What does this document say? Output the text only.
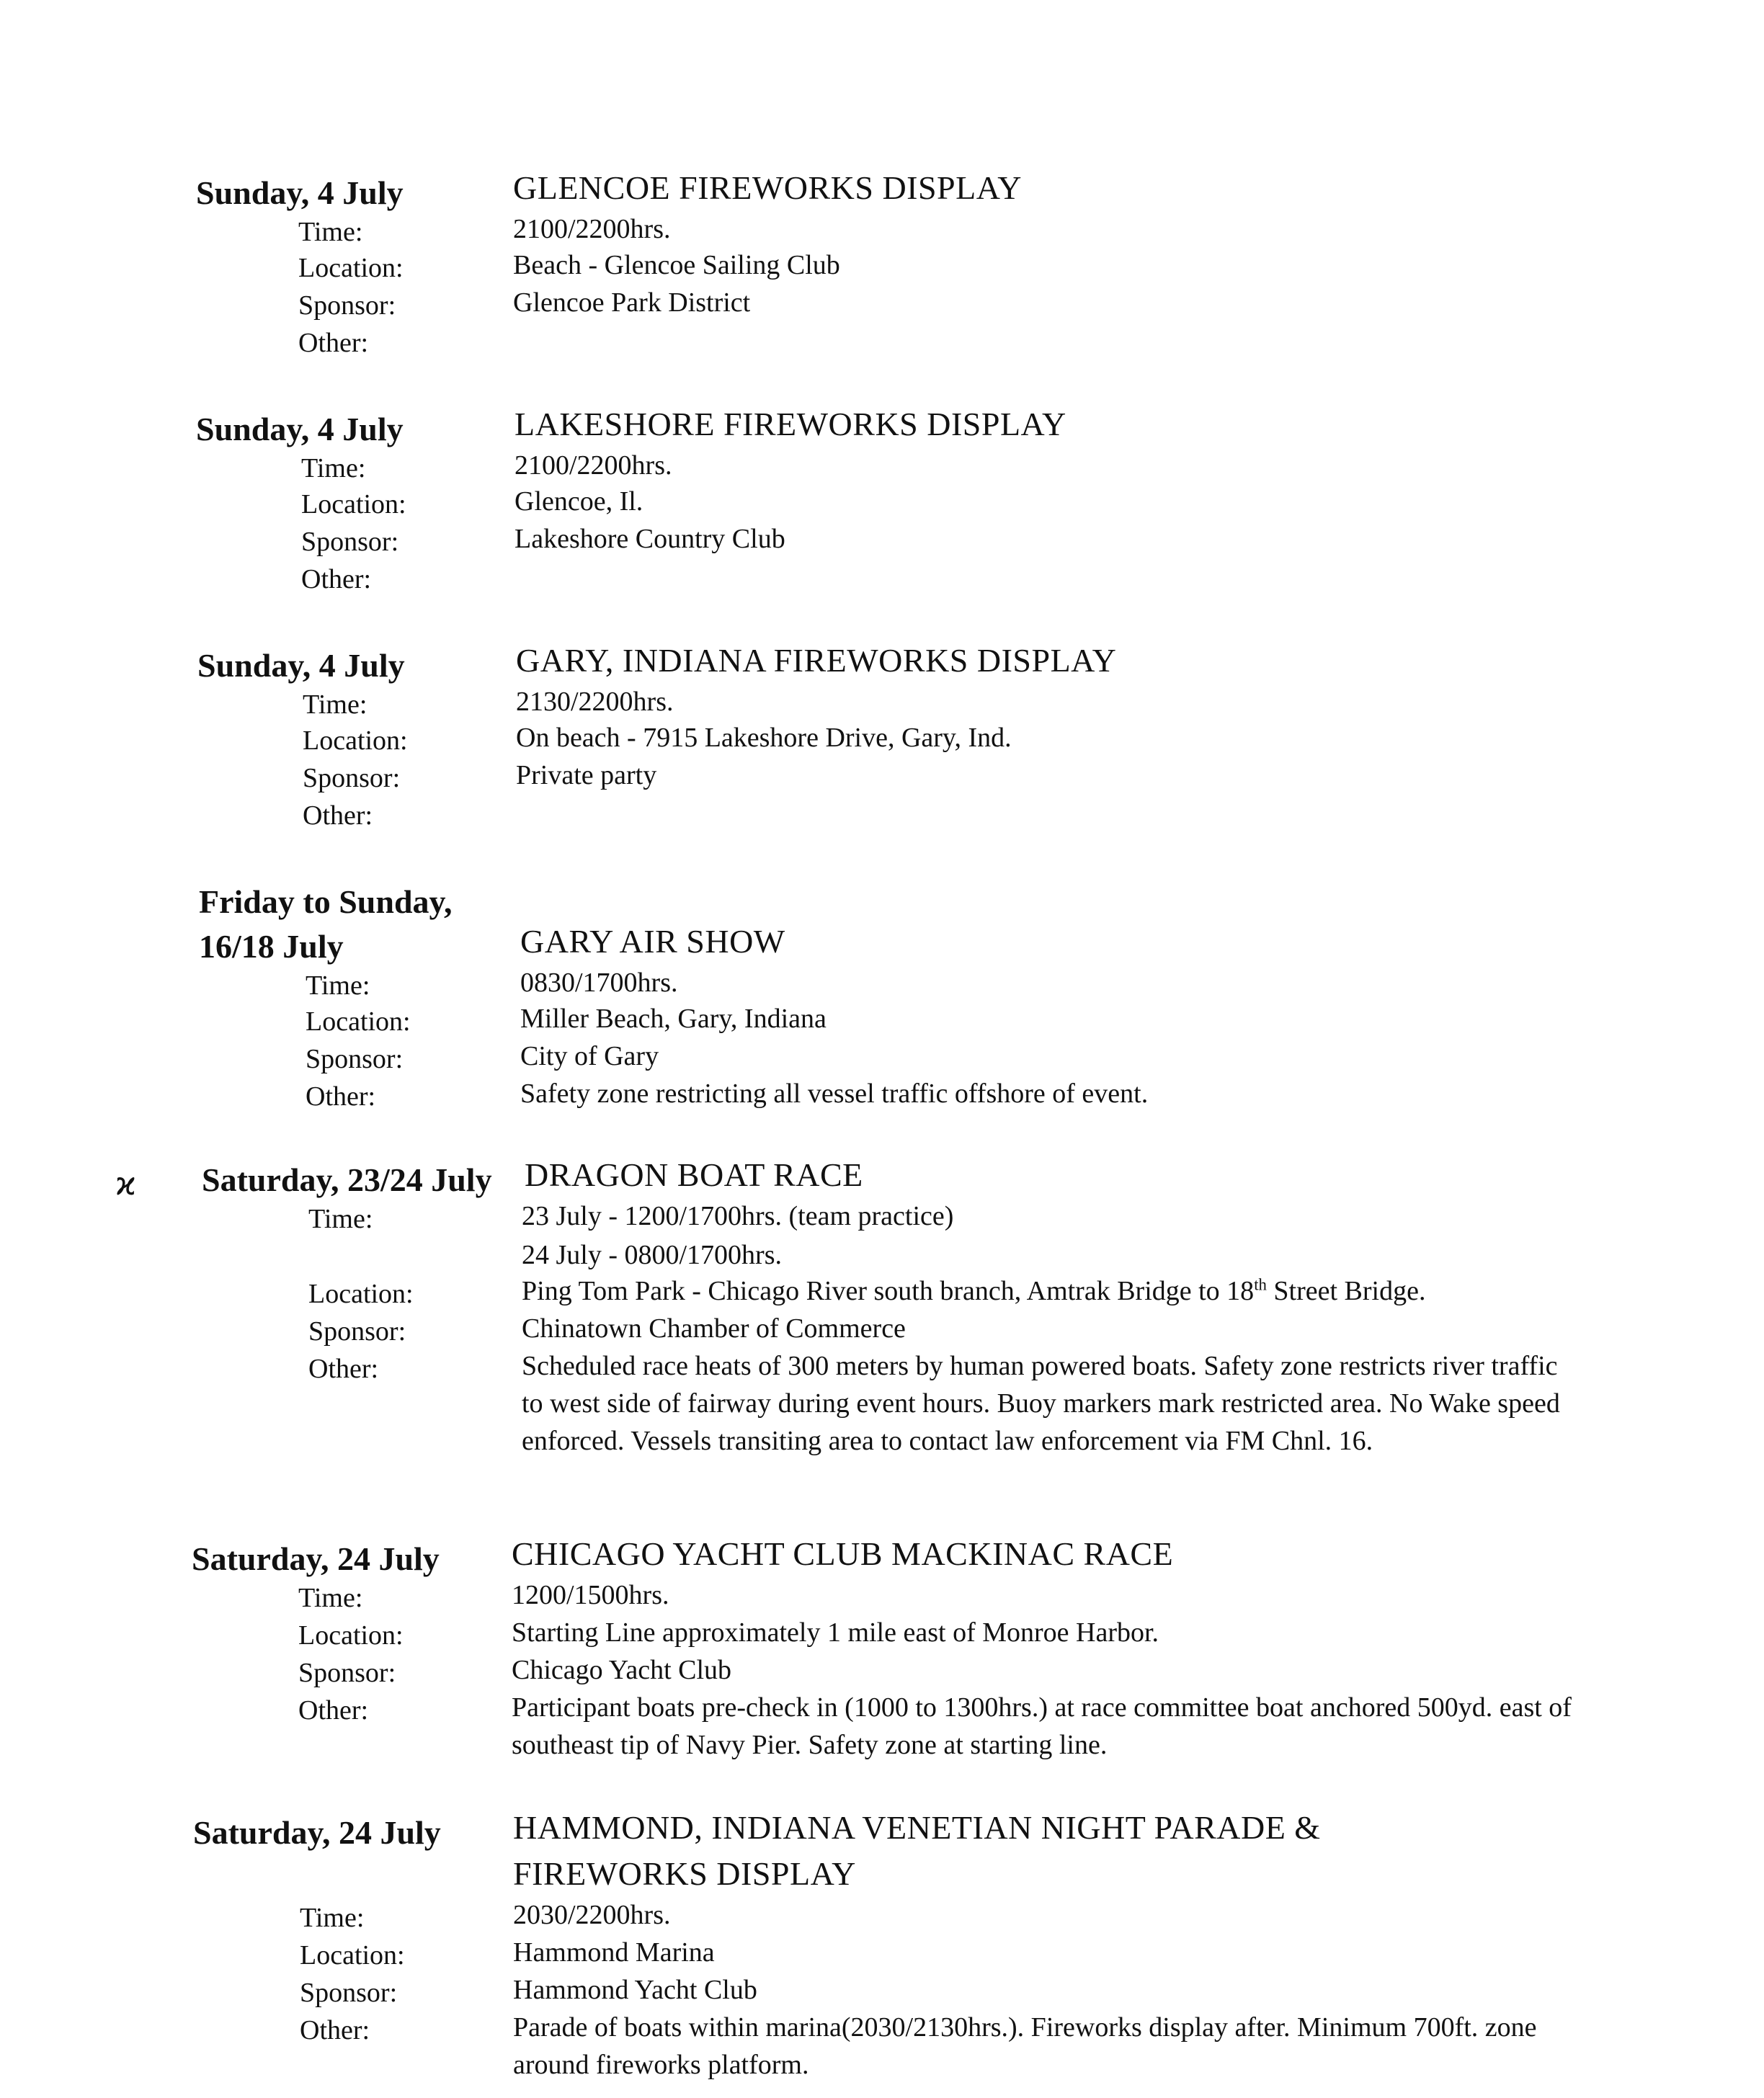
Sunday, 4 July	GLENCOE FIREWORKS DISPLAY
Time:	2100/2200hrs.
Location:	Beach - Glencoe Sailing Club
Sponsor:	Glencoe Park District
Other:
Sunday, 4 July	LAKESHORE FIREWORKS DISPLAY
Time:	2100/2200hrs.
Location:	Glencoe, Il.
Sponsor:	Lakeshore Country Club
Other:
Sunday, 4 July	GARY, INDIANA FIREWORKS DISPLAY
Time:	2130/2200hrs.
Location:	On beach - 7915 Lakeshore Drive, Gary, Ind.
Sponsor:	Private party
Other:
Friday to Sunday,
16/18 July	GARY AIR SHOW
Time:	0830/1700hrs.
Location:	Miller Beach, Gary, Indiana
Sponsor:	City of Gary
Other:	Safety zone restricting all vessel traffic offshore of event.
ϰ Saturday, 23/24 July DRAGON BOAT RACE
Time:	23 July - 1200/1700hrs. (team practice)
24 July - 0800/1700hrs.
Location:	Ping Tom Park - Chicago River south branch, Amtrak Bridge to 18th Street Bridge.
Sponsor:	Chinatown Chamber of Commerce
Other:	Scheduled race heats of 300 meters by human powered boats. Safety zone restricts river traffic to west side of fairway during event hours. Buoy markers mark restricted area. No Wake speed enforced. Vessels transiting area to contact law enforcement via FM Chnl. 16.
Saturday, 24 July CHICAGO YACHT CLUB MACKINAC RACE
Time:	1200/1500hrs.
Location:	Starting Line approximately 1 mile east of Monroe Harbor.
Sponsor:	Chicago Yacht Club
Other:	Participant boats pre-check in (1000 to 1300hrs.) at race committee boat anchored 500yd. east of southeast tip of Navy Pier. Safety zone at starting line.
Saturday, 24 July HAMMOND, INDIANA VENETIAN NIGHT PARADE &
FIREWORKS DISPLAY
Time:	2030/2200hrs.
Location:	Hammond Marina
Sponsor:	Hammond Yacht Club
Other:	Parade of boats within marina(2030/2130hrs.). Fireworks display after. Minimum 700ft. zone around fireworks platform.
